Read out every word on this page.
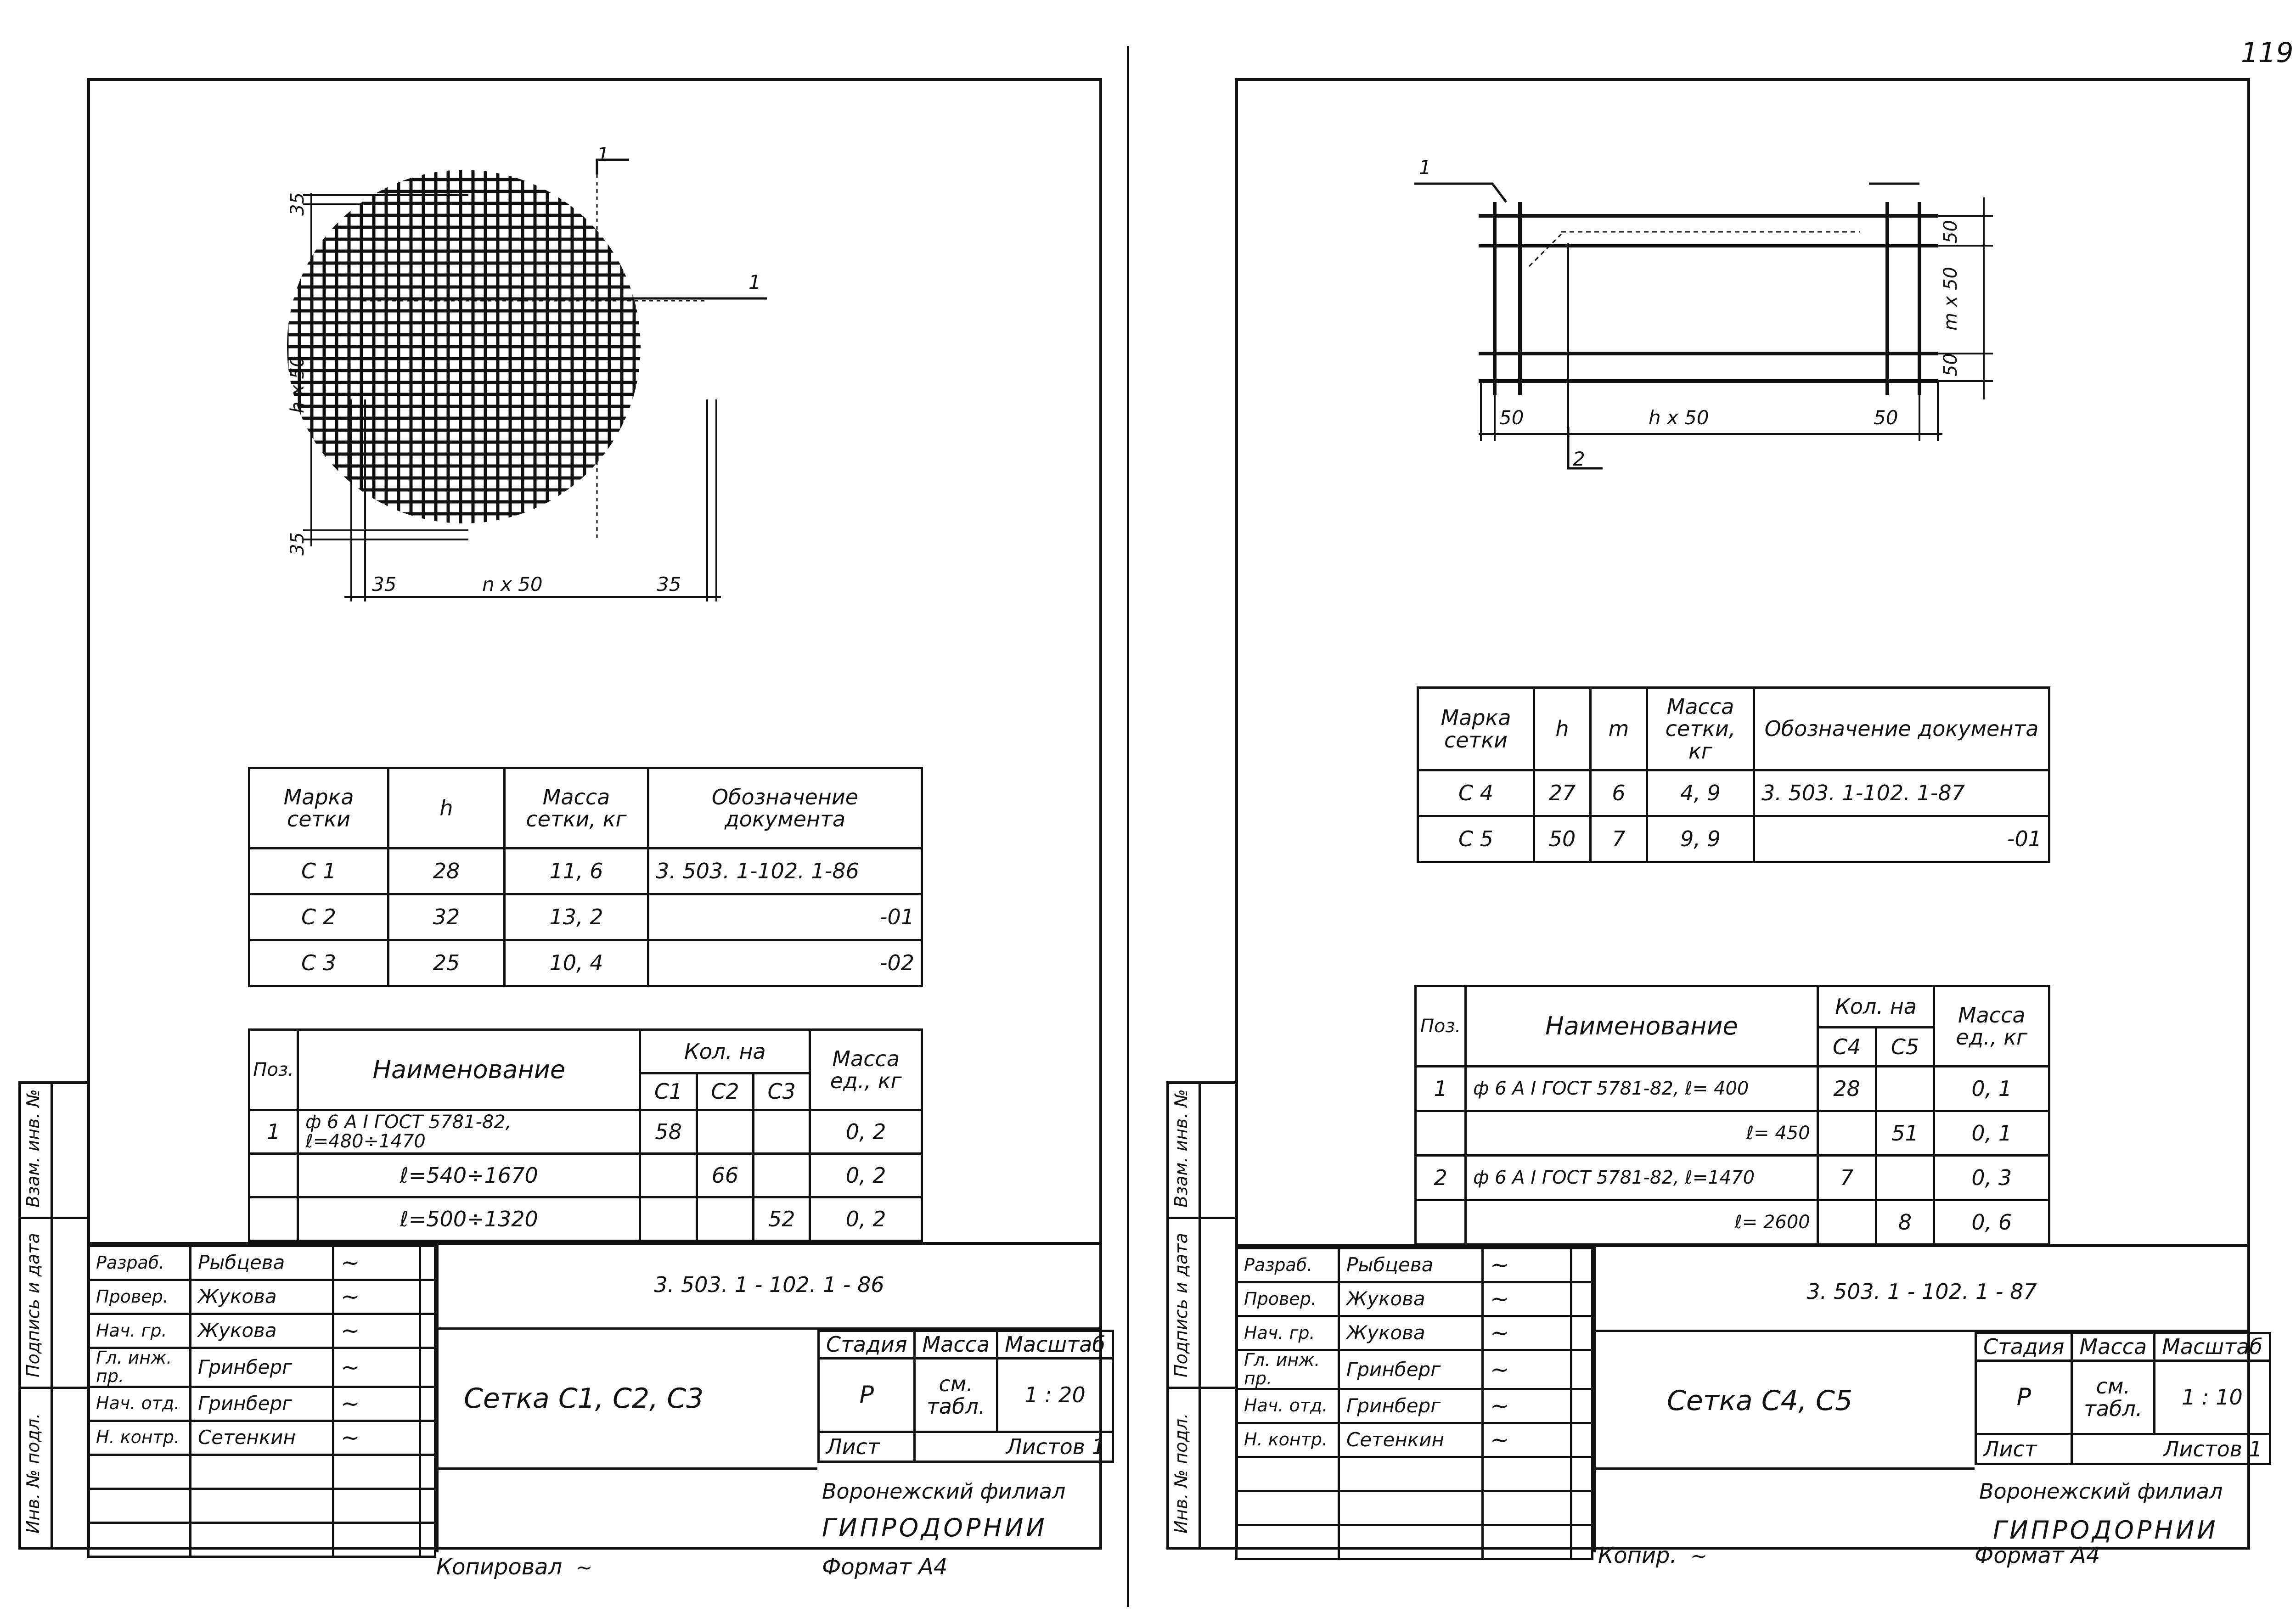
119
Инв. № подл.
Подпись и дата
Взам. инв. №
1
1
35
h x 50
35
35	n x 50	35
Марка сетки	h	Масса сетки, кг	Обозначение документа
С 1	28	11, 6	3. 503. 1-102. 1-86
С 2	32	13, 2	-01
С 3	25	10, 4	-02
Поз.	Наименование	Кол. на			Масса ед., кг
		С1	С2	С3	
1	ф 6 А I ГОСТ 5781-82, ℓ=480÷1470	58			0, 2
	ℓ=540÷1670		66		0, 2
	ℓ=500÷1320			52	0, 2
Разраб.	Рыбцева	~	
Провер.	Жукова	~	
Нач. гр.	Жукова	~	
Гл. инж. пр.	Гринберг	~	
Нач. отд.	Гринберг	~	
Н. контр.	Сетенкин	~	

3. 503. 1 - 102. 1 - 86
Сетка С1, С2, С3
Стадия	Масса	Масштаб
Р	см. табл.	1 : 20
Лист	Листов 1	
Воронежский филиал
ГИПРОДОРНИИ
Копировал  ~	Формат А4
Инв. № подл.
Подпись и дата
Взам. инв. №
1
2
50
m x 50
50
50	h x 50	50
Марка сетки	h	m	Масса сетки, кг	Обозначение документа
С 4	27	6	4, 9	3. 503. 1-102. 1-87
С 5	50	7	9, 9	-01
Поз.	Наименование	Кол. на		Масса ед., кг
		С4	С5	
1	ф 6 А I ГОСТ 5781-82, ℓ= 400	28		0, 1
	ℓ= 450		51	0, 1
2	ф 6 А I ГОСТ 5781-82, ℓ=1470	7		0, 3
	ℓ= 2600		8	0, 6
Разраб.	Рыбцева	~	
Провер.	Жукова	~	
Нач. гр.	Жукова	~	
Гл. инж. пр.	Гринберг	~	
Нач. отд.	Гринберг	~	
Н. контр.	Сетенкин	~	

3. 503. 1 - 102. 1 - 87
Сетка С4, С5
Стадия	Масса	Масштаб
Р	см. табл.	1 : 10
Лист	Листов 1	
Воронежский филиал
ГИПРОДОРНИИ
Копир.  ~	Формат А4
